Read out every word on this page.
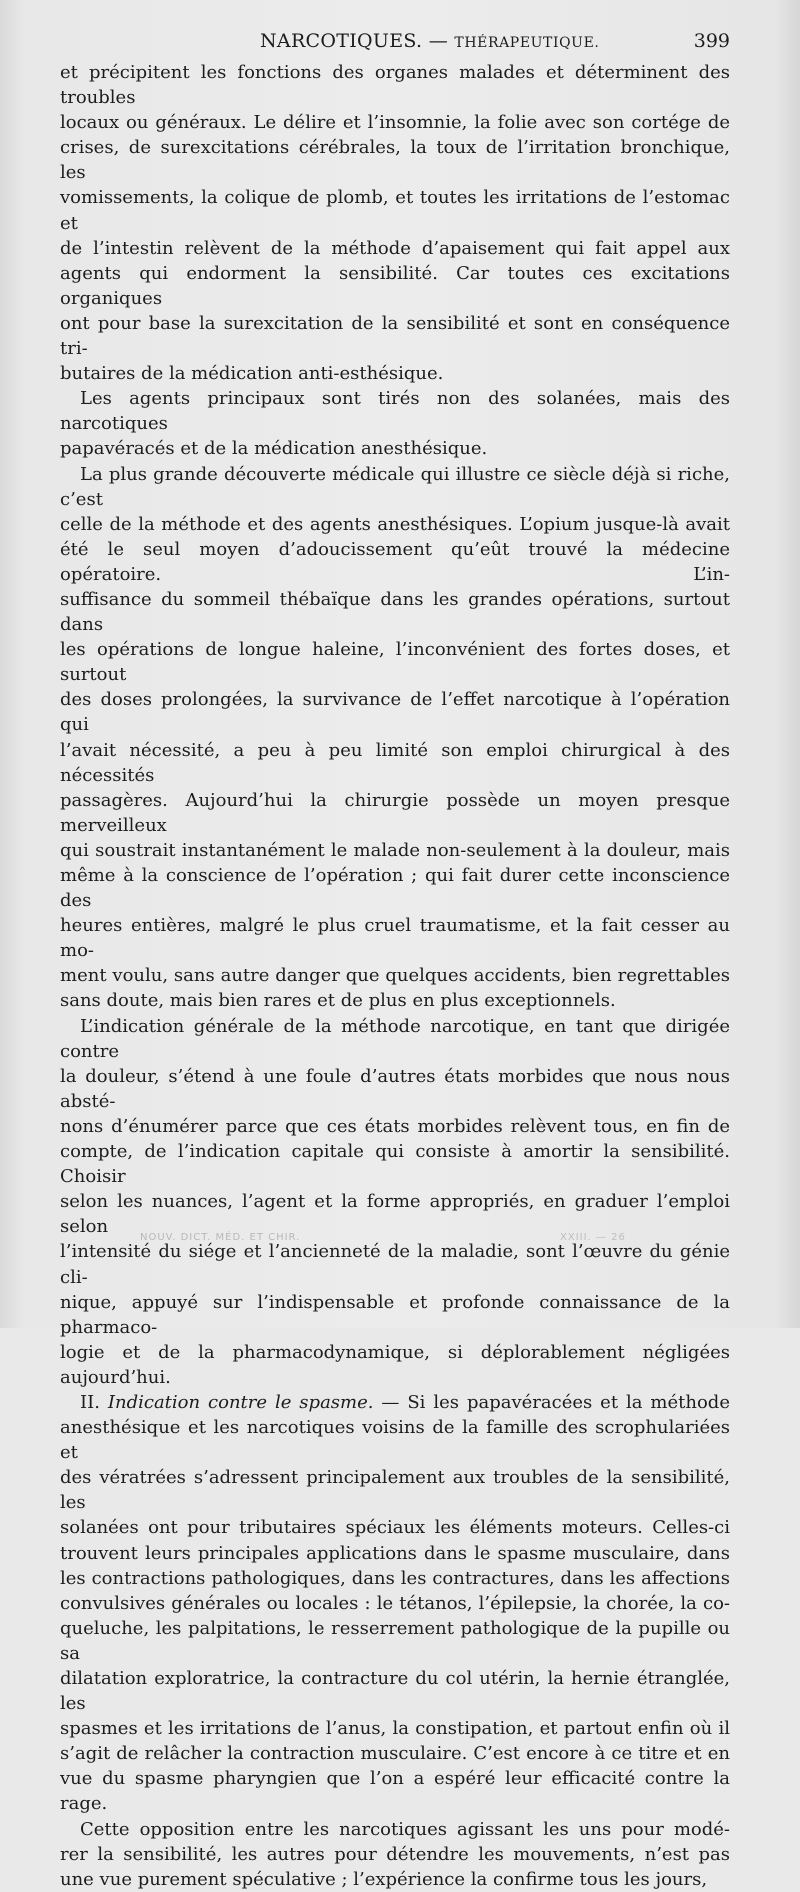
NARCOTIQUES. — THÉRAPEUTIQUE.	399

et précipitent les fonctions des organes malades et déterminent des troubles

locaux ou généraux. Le délire et l’insomnie, la folie avec son cortége de

crises, de surexcitations cérébrales, la toux de l’irritation bronchique, les

vomissements, la colique de plomb, et toutes les irritations de l’estomac et

de l’intestin relèvent de la méthode d’apaisement qui fait appel aux

agents qui endorment la sensibilité. Car toutes ces excitations organiques

ont pour base la surexcitation de la sensibilité et sont en conséquence tri-

butaires de la médication anti-esthésique.

Les agents principaux sont tirés non des solanées, mais des narcotiques

papavéracés et de la médication anesthésique.

La plus grande découverte médicale qui illustre ce siècle déjà si riche, c’est

celle de la méthode et des agents anesthésiques. L’opium jusque-là avait

été le seul moyen d’adoucissement qu’eût trouvé la médecine opératoire. L’in-

suffisance du sommeil thébaïque dans les grandes opérations, surtout dans

les opérations de longue haleine, l’inconvénient des fortes doses, et surtout

des doses prolongées, la survivance de l’effet narcotique à l’opération qui

l’avait nécessité, a peu à peu limité son emploi chirurgical à des nécessités

passagères. Aujourd’hui la chirurgie possède un moyen presque merveilleux

qui soustrait instantanément le malade non-seulement à la douleur, mais

même à la conscience de l’opération ; qui fait durer cette inconscience des

heures entières, malgré le plus cruel traumatisme, et la fait cesser au mo-

ment voulu, sans autre danger que quelques accidents, bien regrettables

sans doute, mais bien rares et de plus en plus exceptionnels.

L’indication générale de la méthode narcotique, en tant que dirigée contre

la douleur, s’étend à une foule d’autres états morbides que nous nous absté-

nons d’énumérer parce que ces états morbides relèvent tous, en fin de

compte, de l’indication capitale qui consiste à amortir la sensibilité. Choisir

selon les nuances, l’agent et la forme appropriés, en graduer l’emploi selon

l’intensité du siége et l’ancienneté de la maladie, sont l’œuvre du génie cli-

nique, appuyé sur l’indispensable et profonde connaissance de la pharmaco-

logie et de la pharmacodynamique, si déplorablement négligées aujourd’hui.

II. Indication contre le spasme. — Si les papavéracées et la méthode

anesthésique et les narcotiques voisins de la famille des scrophulariées et

des vératrées s’adressent principalement aux troubles de la sensibilité, les

solanées ont pour tributaires spéciaux les éléments moteurs. Celles-ci

trouvent leurs principales applications dans le spasme musculaire, dans

les contractions pathologiques, dans les contractures, dans les affections

convulsives générales ou locales : le tétanos, l’épilepsie, la chorée, la co-

queluche, les palpitations, le resserrement pathologique de la pupille ou sa

dilatation exploratrice, la contracture du col utérin, la hernie étranglée, les

spasmes et les irritations de l’anus, la constipation, et partout enfin où il

s’agit de relâcher la contraction musculaire. C’est encore à ce titre et en

vue du spasme pharyngien que l’on a espéré leur efficacité contre la rage.

Cette opposition entre les narcotiques agissant les uns pour modé-

rer la sensibilité, les autres pour détendre les mouvements, n’est pas

une vue purement spéculative ; l’expérience la confirme tous les jours,

NOUV. DICT. MÉD. ET CHIR.	XXIII. — 26
